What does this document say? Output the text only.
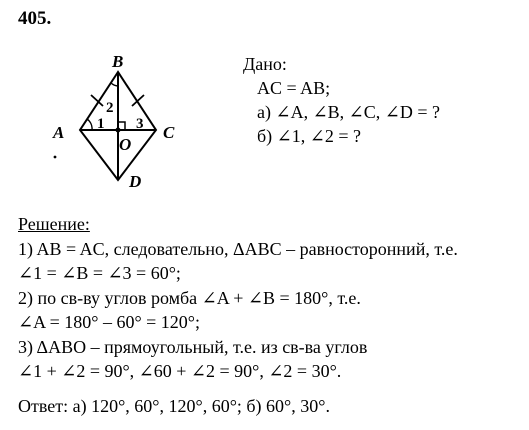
405.
B
A	C
O
D
1
2
3
Дано:
AC = AB;
а) ∠A, ∠B, ∠C, ∠D = ?
б) ∠1, ∠2 = ?
Решение:
1) AB = AC, следовательно, ΔABC – равносторонний, т.е.
∠1 = ∠B = ∠3 = 60°;
2) по св-ву углов ромба ∠A + ∠B = 180°, т.е.
∠A = 180° – 60° = 120°;
3) ΔABO – прямоугольный, т.е. из св-ва углов
∠1 + ∠2 = 90°, ∠60 + ∠2 = 90°, ∠2 = 30°.
Ответ: а) 120°, 60°, 120°, 60°; б) 60°, 30°.
